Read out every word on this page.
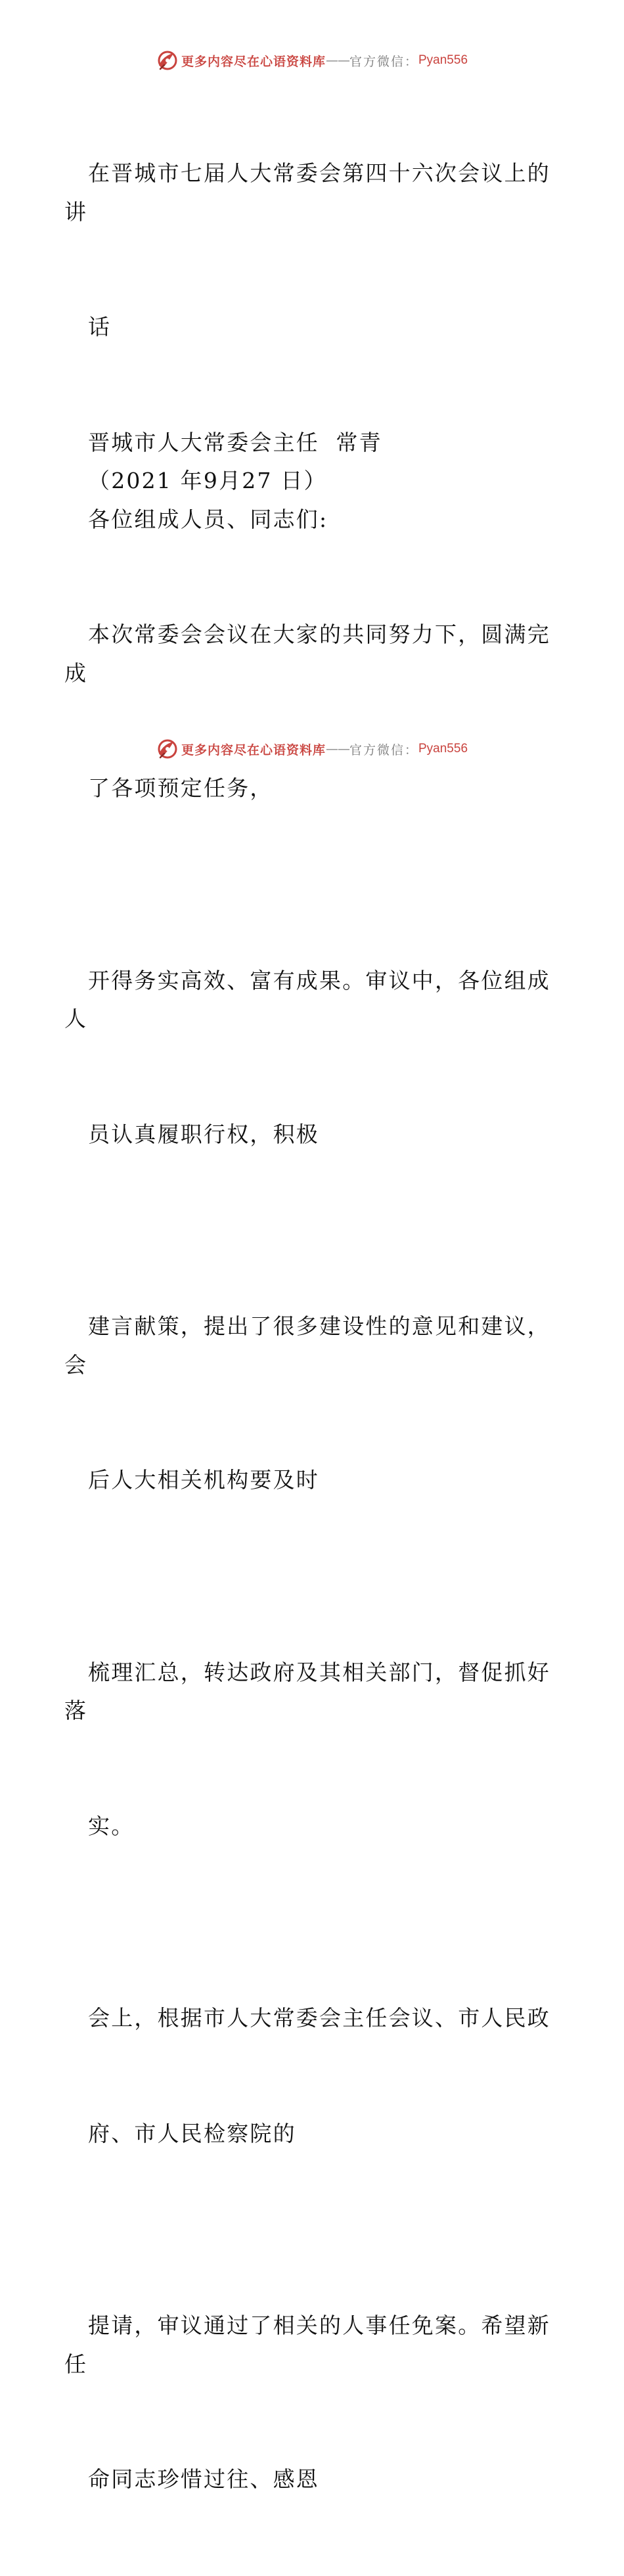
更多内容尽在心语资料库 —— 官方微信： Pyan556

在晋城市七届人大常委会第四十六次会议上的讲

话

晋城市人大常委会主任  常青

（2021 年9月27 日）

各位组成人员、同志们:

本次常委会会议在大家的共同努力下，圆满完成

了各项预定任务，

开得务实高效、富有成果。审议中，各位组成人

员认真履职行权，积极

建言献策，提出了很多建设性的意见和建议，会

后人大相关机构要及时

梳理汇总，转达政府及其相关部门，督促抓好落

实。

会上，根据市人大常委会主任会议、市人民政

府、市人民检察院的

提请，审议通过了相关的人事任免案。希望新任

命同志珍惜过往、感恩

更多内容尽在心语资料库 —— 官方微信： Pyan556
